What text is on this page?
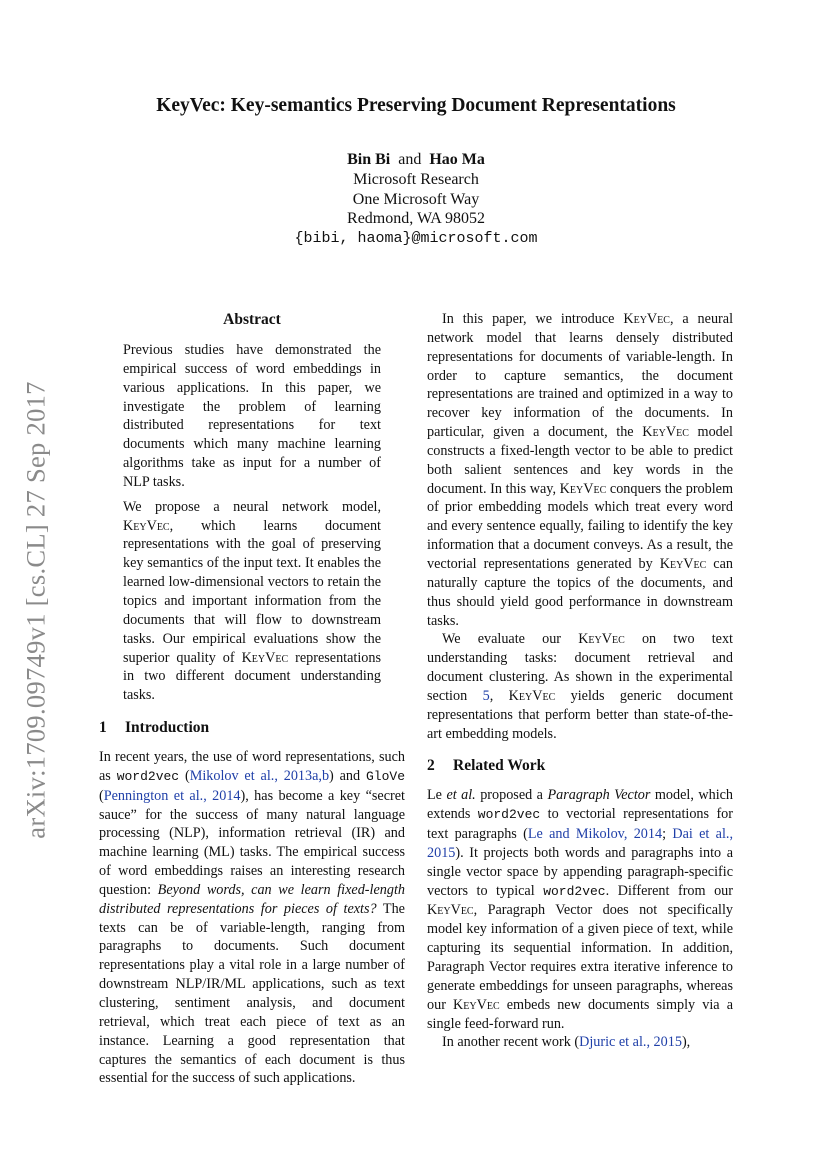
arXiv:1709.09749v1 [cs.CL] 27 Sep 2017
KeyVec: Key-semantics Preserving Document Representations
Bin Bi and Hao Ma
Microsoft Research
One Microsoft Way
Redmond, WA 98052
{bibi, haoma}@microsoft.com
Abstract

Previous studies have demonstrated the empirical success of word embeddings in various applications. In this paper, we investigate the problem of learning distributed representations for text documents which many machine learning algorithms take as input for a number of NLP tasks.

We propose a neural network model, KeyVec, which learns document representations with the goal of preserving key semantics of the input text. It enables the learned low-dimensional vectors to retain the topics and important information from the documents that will flow to downstream tasks. Our empirical evaluations show the superior quality of KeyVec representations in two different document understanding tasks.

1 Introduction

In recent years, the use of word representations, such as word2vec (Mikolov et al., 2013a,b) and GloVe (Pennington et al., 2014), has become a key “secret sauce” for the success of many natural language processing (NLP), information retrieval (IR) and machine learning (ML) tasks. The empirical success of word embeddings raises an interesting research question: Beyond words, can we learn fixed-length distributed representations for pieces of texts? The texts can be of variable-length, ranging from paragraphs to documents. Such document representations play a vital role in a large number of downstream NLP/IR/ML applications, such as text clustering, sentiment analysis, and document retrieval, which treat each piece of text as an instance. Learning a good representation that captures the semantics of each document is thus essential for the success of such applications.

In this paper, we introduce KeyVec, a neural network model that learns densely distributed representations for documents of variable-length. In order to capture semantics, the document representations are trained and optimized in a way to recover key information of the documents. In particular, given a document, the KeyVec model constructs a fixed-length vector to be able to predict both salient sentences and key words in the document. In this way, KeyVec conquers the problem of prior embedding models which treat every word and every sentence equally, failing to identify the key information that a document conveys. As a result, the vectorial representations generated by KeyVec can naturally capture the topics of the documents, and thus should yield good performance in downstream tasks.

We evaluate our KeyVec on two text understanding tasks: document retrieval and document clustering. As shown in the experimental section 5, KeyVec yields generic document representations that perform better than state-of-the-art embedding models.

2 Related Work

Le et al. proposed a Paragraph Vector model, which extends word2vec to vectorial representations for text paragraphs (Le and Mikolov, 2014; Dai et al., 2015). It projects both words and paragraphs into a single vector space by appending paragraph-specific vectors to typical word2vec. Different from our KeyVec, Paragraph Vector does not specifically model key information of a given piece of text, while capturing its sequential information. In addition, Paragraph Vector requires extra iterative inference to generate embeddings for unseen paragraphs, whereas our KeyVec embeds new documents simply via a single feed-forward run.

In another recent work (Djuric et al., 2015),
